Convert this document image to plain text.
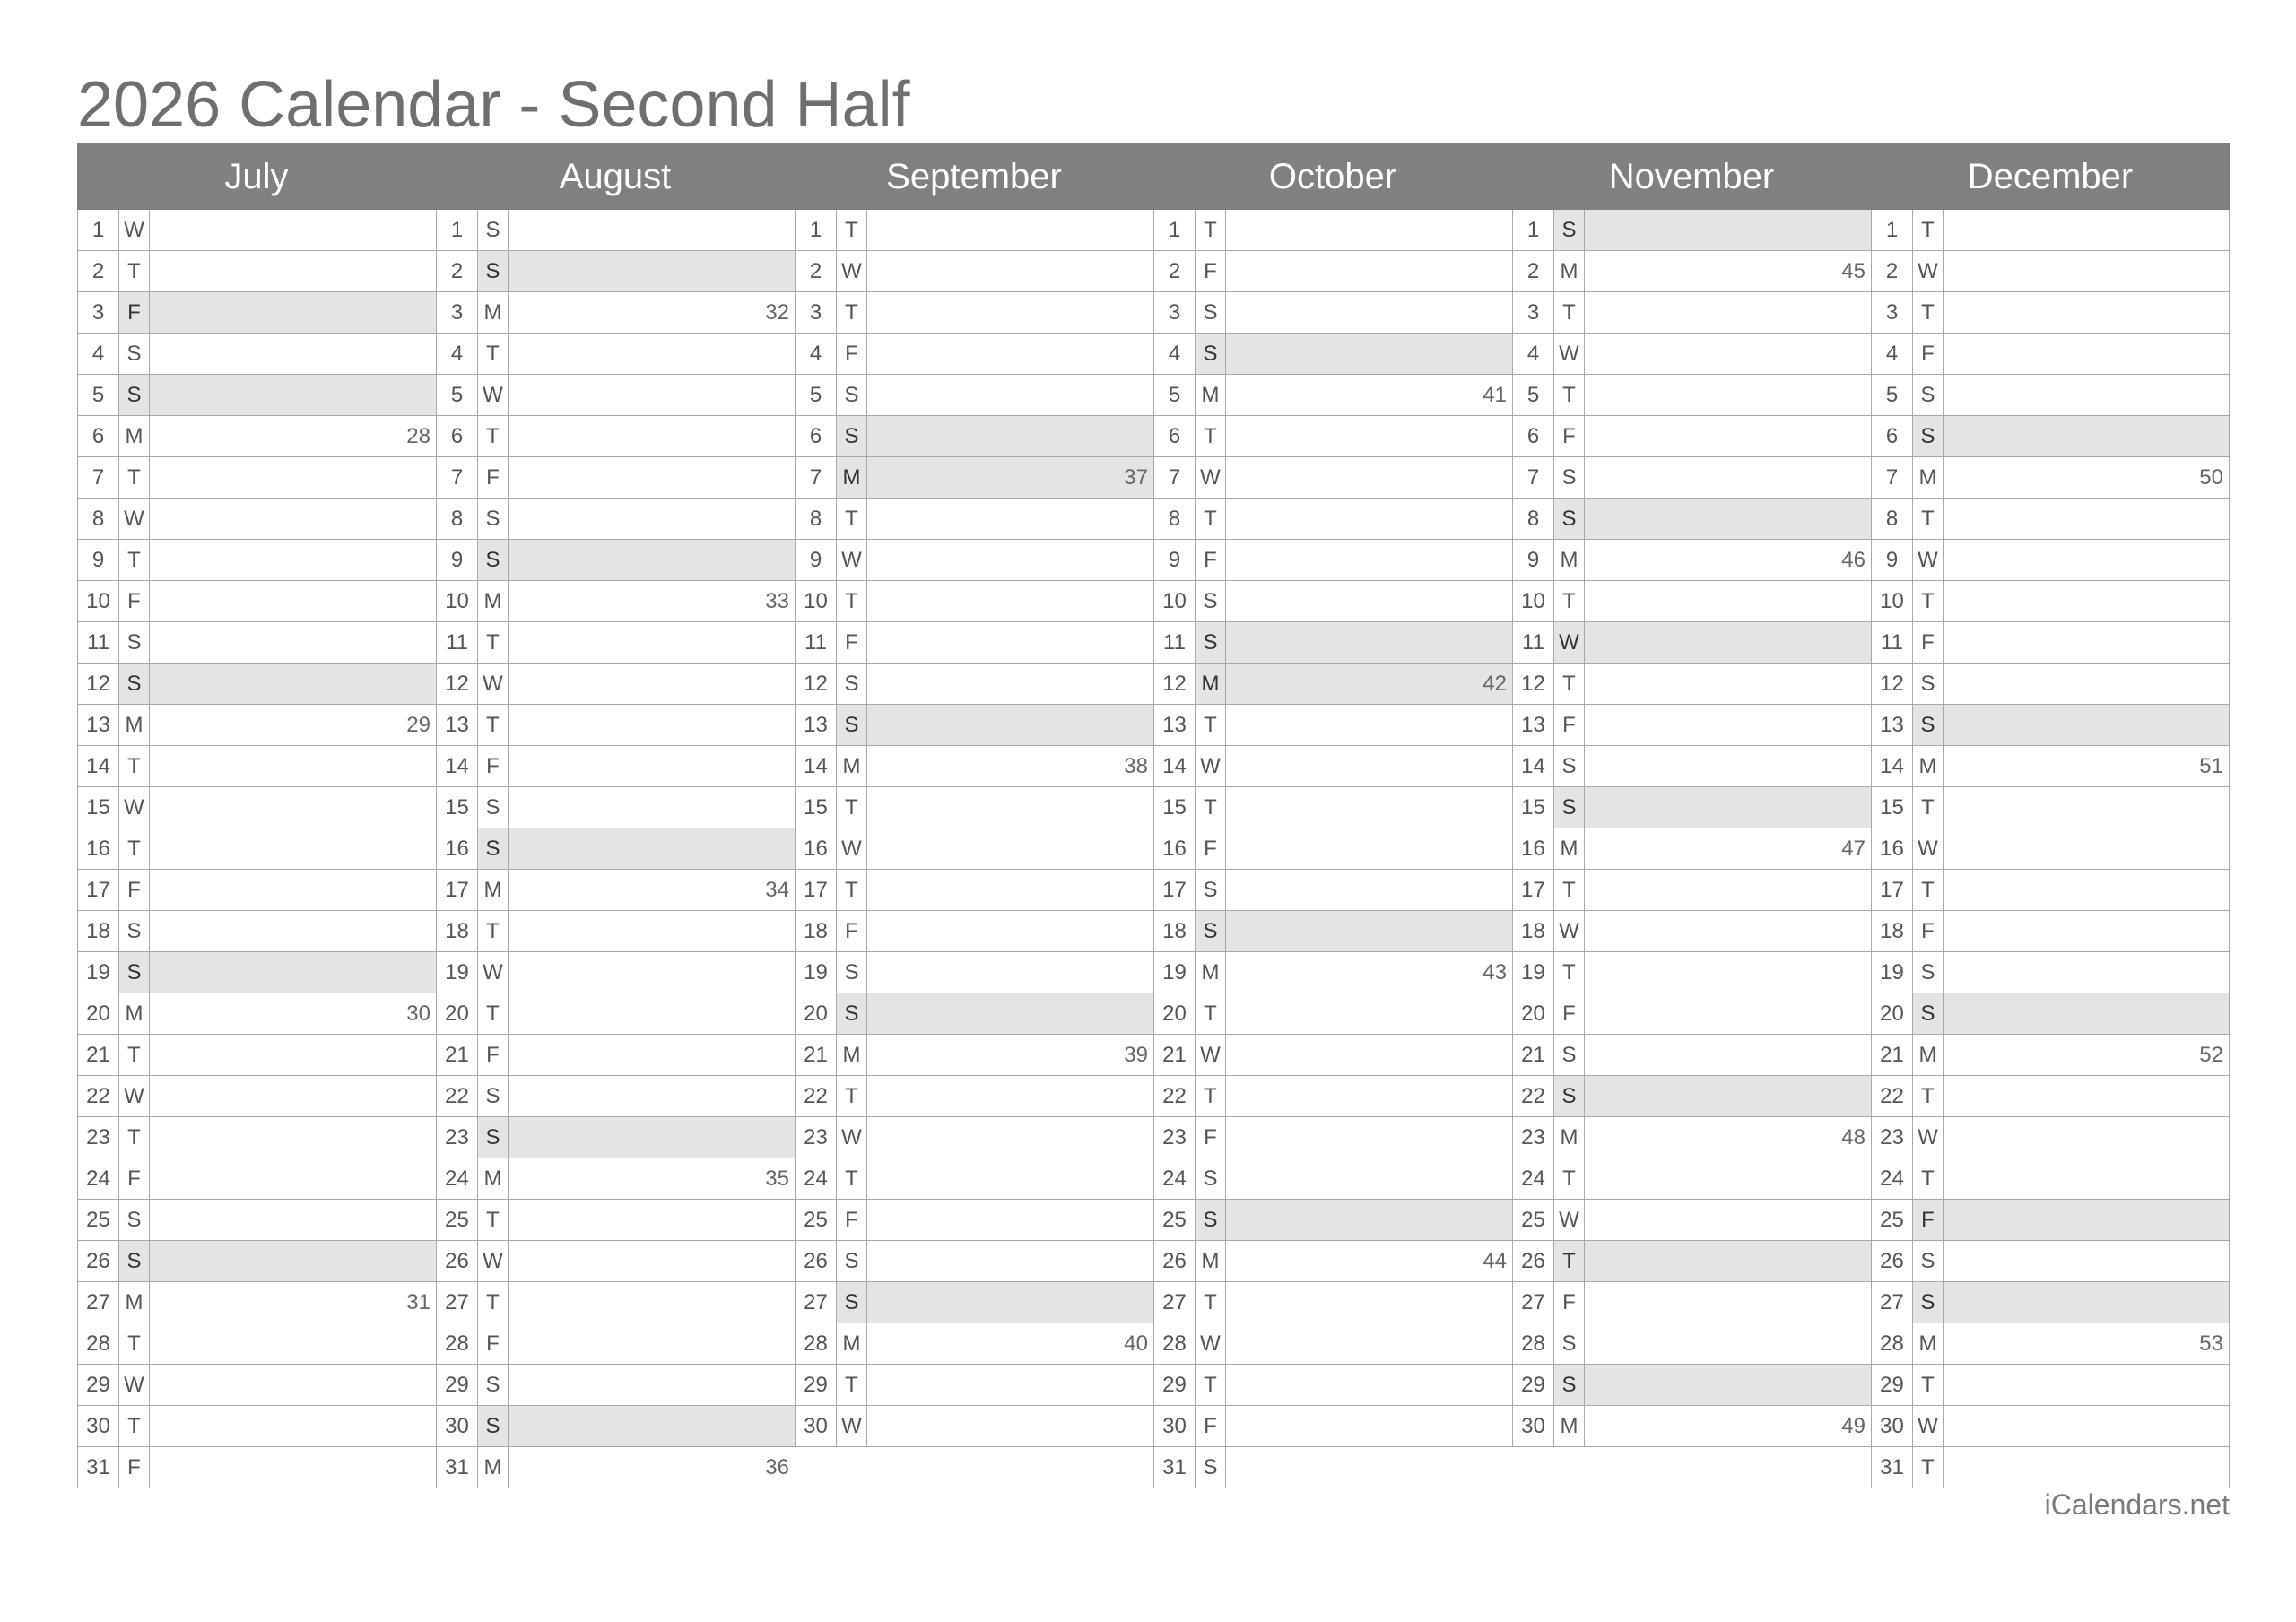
2026 Calendar - Second Half
July
1 W
2	T
3	F
4	S
5	S
6 M	28
7	T
8 W
9	T
10 F
11 S
12 S
13 M	29
14 T
15 W
16 T
17 F
18 S
19 S
20 M	30
21 T
22 W
23 T
24 F
25 S
26 S
27 M	31
28 T
29 W
30 T
31 F
August
1	S
2	S
3 M	32
4	T
5 W
6	T
7	F
8	S
9	S
10 M	33
11 T
12 W
13 T
14 F
15 S
16 S
17 M	34
18 T
19 W
20 T
21 F
22 S
23 S
24 M	35
25 T
26 W
27 T
28 F
29 S
30 S
31 M	36
September
1	T
2 W
3	T
4	F
5	S
6	S
7 M	37
8	T
9 W
10 T
11 F
12 S
13 S
14 M	38
15 T
16 W
17 T
18 F
19 S
20 S
21 M	39
22 T
23 W
24 T
25 F
26 S
27 S
28 M	40
29 T
30 W
October
1	T
2	F
3	S
4	S
5 M	41
6	T
7 W
8	T
9	F
10 S
11 S
12 M	42
13 T
14 W
15 T
16 F
17 S
18 S
19 M	43
20 T
21 W
22 T
23 F
24 S
25 S
26 M	44
27 T
28 W
29 T
30 F
31 S
November
1	S
2 M	45
3	T
4 W
5	T
6	F
7	S
8	S
9 M	46
10 T
11 W
12 T
13 F
14 S
15 S
16 M	47
17 T
18 W
19 T
20 F
21 S
22 S
23 M	48
24 T
25 W
26 T
27 F
28 S
29 S
30 M	49
December
1	T
2 W
3	T
4	F
5	S
6	S
7 M	50
8	T
9 W
10 T
11 F
12 S
13 S
14 M	51
15 T
16 W
17 T
18 F
19 S
20 S
21 M	52
22 T
23 W
24 T
25 F
26 S
27 S
28 M	53
29 T
30 W
31 T
iCalendars.net
